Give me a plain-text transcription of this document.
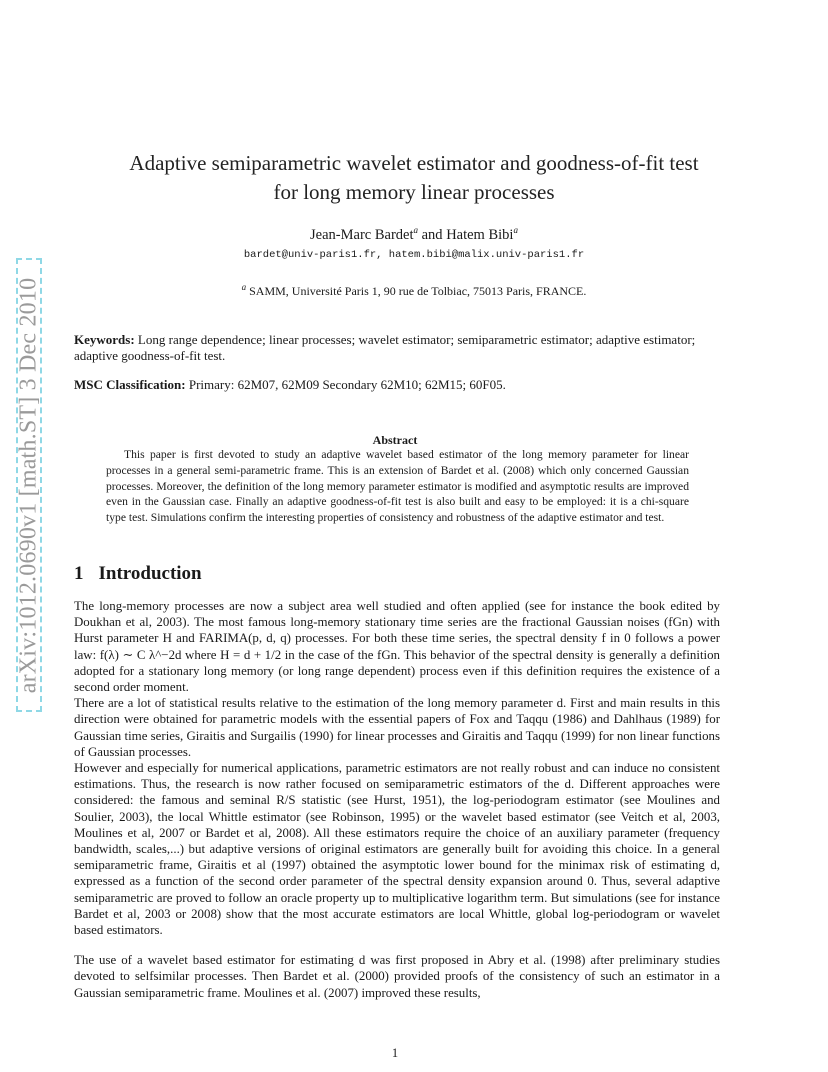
arXiv:1012.0690v1 [math.ST] 3 Dec 2010
Adaptive semiparametric wavelet estimator and goodness-of-fit test
for long memory linear processes
Jean-Marc Bardet$^a$ and Hatem Bibi$^a$
bardet@univ-paris1.fr, hatem.bibi@malix.univ-paris1.fr
$^a$ SAMM, Université Paris 1, 90 rue de Tolbiac, 75013 Paris, FRANCE.
Keywords: Long range dependence; linear processes; wavelet estimator; semiparametric estimator; adaptive estimator; adaptive goodness-of-fit test.
MSC Classification: Primary: 62M07, 62M09 Secondary 62M10; 62M15; 60F05.
Abstract

This paper is first devoted to study an adaptive wavelet based estimator of the long memory parameter for linear processes in a general semi-parametric frame. This is an extension of Bardet et al. (2008) which only concerned Gaussian processes. Moreover, the definition of the long memory parameter estimator is modified and asymptotic results are improved even in the Gaussian case. Finally an adaptive goodness-of-fit test is also built and easy to be employed: it is a chi-square type test. Simulations confirm the interesting properties of consistency and robustness of the adaptive estimator and test.

1 Introduction

The long-memory processes are now a subject area well studied and often applied (see for instance the book edited by Doukhan et al, 2003). The most famous long-memory stationary time series are the fractional Gaussian noises (fGn) with Hurst parameter H and FARIMA(p, d, q) processes. For both these time series, the spectral density f in 0 follows a power law: f(λ) ∼ C λ^−2d where H = d + 1/2 in the case of the fGn. This behavior of the spectral density is generally a definition adopted for a stationary long memory (or long range dependent) process even if this definition requires the existence of a second order moment.

There are a lot of statistical results relative to the estimation of the long memory parameter d. First and main results in this direction were obtained for parametric models with the essential papers of Fox and Taqqu (1986) and Dahlhaus (1989) for Gaussian time series, Giraitis and Surgailis (1990) for linear processes and Giraitis and Taqqu (1999) for non linear functions of Gaussian processes.

However and especially for numerical applications, parametric estimators are not really robust and can induce no consistent estimations. Thus, the research is now rather focused on semiparametric estimators of the d. Different approaches were considered: the famous and seminal R/S statistic (see Hurst, 1951), the log-periodogram estimator (see Moulines and Soulier, 2003), the local Whittle estimator (see Robinson, 1995) or the wavelet based estimator (see Veitch et al, 2003, Moulines et al, 2007 or Bardet et al, 2008). All these estimators require the choice of an auxiliary parameter (frequency bandwidth, scales,...) but adaptive versions of original estimators are generally built for avoiding this choice. In a general semiparametric frame, Giraitis et al (1997) obtained the asymptotic lower bound for the minimax risk of estimating d, expressed as a function of the second order parameter of the spectral density expansion around 0. Thus, several adaptive semiparametric are proved to follow an oracle property up to multiplicative logarithm term. But simulations (see for instance Bardet et al, 2003 or 2008) show that the most accurate estimators are local Whittle, global log-periodogram or wavelet based estimators.

The use of a wavelet based estimator for estimating d was first proposed in Abry et al. (1998) after preliminary studies devoted to selfsimilar processes. Then Bardet et al. (2000) provided proofs of the consistency of such an estimator in a Gaussian semiparametric frame. Moulines et al. (2007) improved these results,

1
